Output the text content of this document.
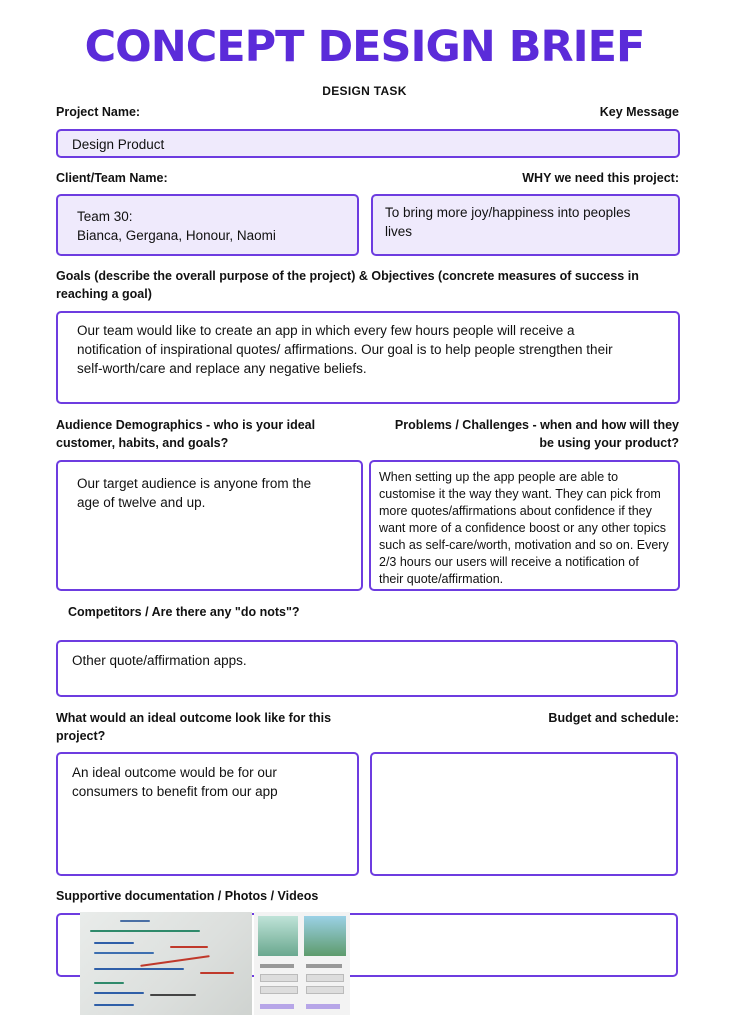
CONCEPT DESIGN BRIEF
DESIGN TASK
Project Name:	Key Message
Design Product
Client/Team Name:	WHY we need this project:
Team 30:
Bianca, Gergana, Honour, Naomi
To bring more joy/happiness into peoples
lives
Goals (describe the overall purpose of the project) & Objectives (concrete measures of success in
reaching a goal)
Our team would like to create an app in which every few hours people will receive a
notification of inspirational quotes/ affirmations. Our goal is to help people strengthen their
self-worth/care and replace any negative beliefs.
Audience Demographics - who is your ideal
customer, habits, and goals?
Problems / Challenges - when and how will they
be using your product?
Our target audience is anyone from the
age of twelve and up.
When setting up the app people are able to
customise it the way they want. They can pick from
more quotes/affirmations about confidence if they
want more of a confidence boost or any other topics
such as self-care/worth, motivation and so on. Every
2/3 hours our users will receive a notification of
their quote/affirmation.
Competitors / Are there any "do nots"?
Other quote/affirmation apps.
What would an ideal outcome look like for this
project?
Budget and schedule:
An ideal outcome would be for our
consumers to benefit from our app
Supportive documentation / Photos / Videos
